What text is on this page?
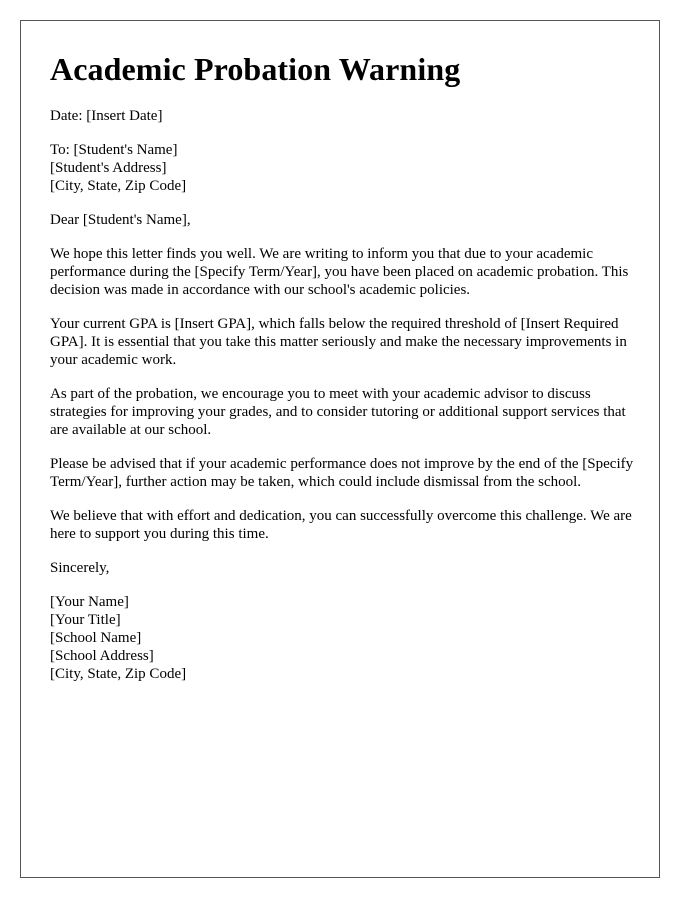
Academic Probation Warning

Date: [Insert Date]

To: [Student's Name]
[Student's Address]
[City, State, Zip Code]

Dear [Student's Name],

We hope this letter finds you well. We are writing to inform you that due to your academic performance during the [Specify Term/Year], you have been placed on academic probation. This decision was made in accordance with our school's academic policies.

Your current GPA is [Insert GPA], which falls below the required threshold of [Insert Required GPA]. It is essential that you take this matter seriously and make the necessary improvements in your academic work.

As part of the probation, we encourage you to meet with your academic advisor to discuss strategies for improving your grades, and to consider tutoring or additional support services that are available at our school.

Please be advised that if your academic performance does not improve by the end of the [Specify Term/Year], further action may be taken, which could include dismissal from the school.

We believe that with effort and dedication, you can successfully overcome this challenge. We are here to support you during this time.

Sincerely,

[Your Name]
[Your Title]
[School Name]
[School Address]
[City, State, Zip Code]
